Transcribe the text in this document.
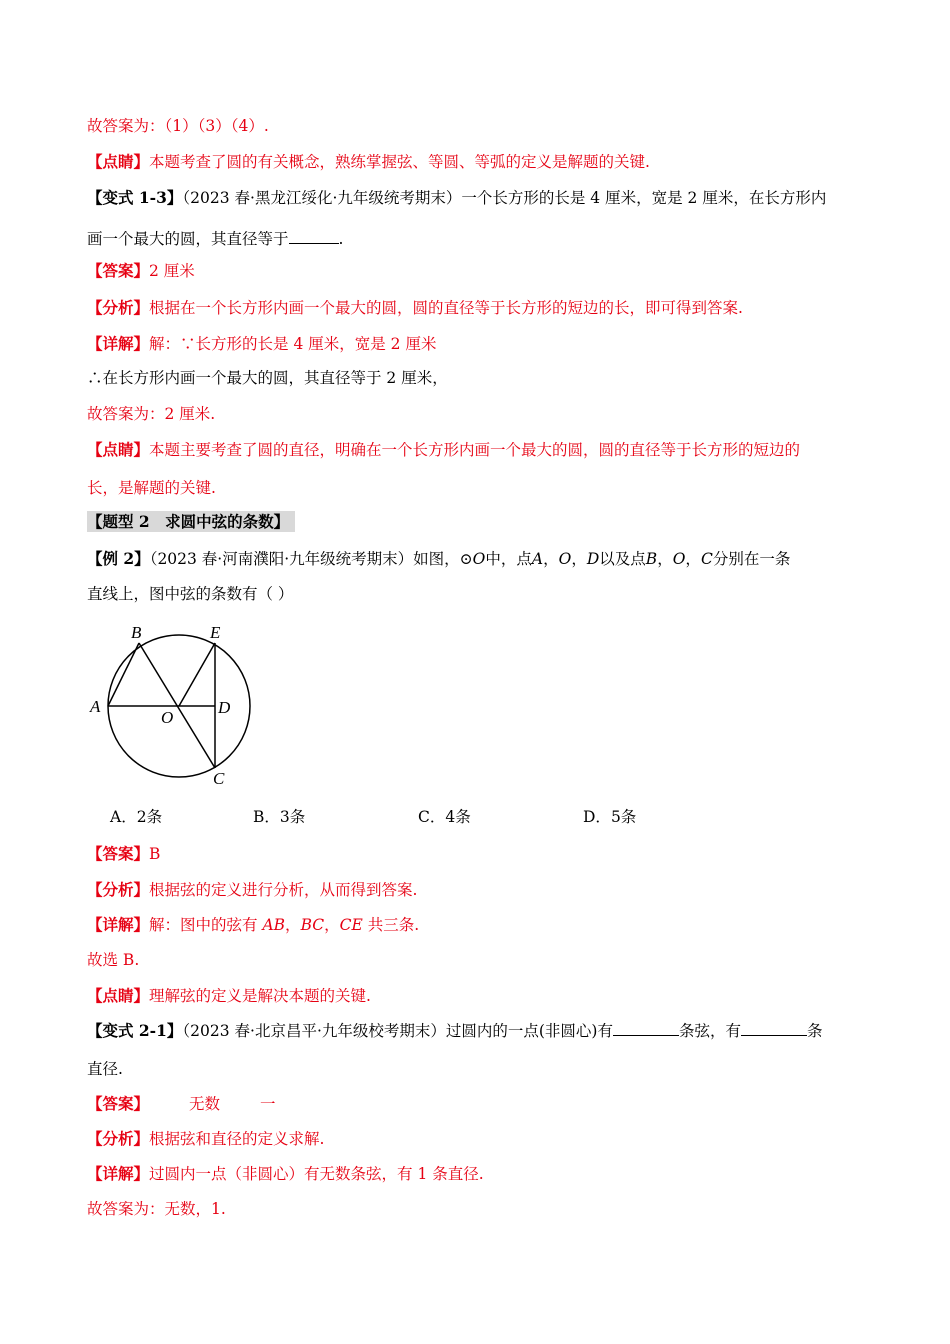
故答案为：（1）（3）（4）.
【点睛】本题考查了圆的有关概念，熟练掌握弦、等圆、等弧的定义是解题的关键.
【变式 1-3】（2023 春·黑龙江绥化·九年级统考期末）一个长方形的长是 4 厘米，宽是 2 厘米，在长方形内
画一个最大的圆，其直径等于	.
【答案】2 厘米
【分析】根据在一个长方形内画一个最大的圆，圆的直径等于长方形的短边的长，即可得到答案.
【详解】解：∵长方形的长是 4 厘米，宽是 2 厘米
∴在长方形内画一个最大的圆，其直径等于 2 厘米，
故答案为：2 厘米.
【点睛】本题主要考查了圆的直径，明确在一个长方形内画一个最大的圆，圆的直径等于长方形的短边的
长，是解题的关键.
【题型 2　求圆中弦的条数】
【例 2】（2023 春·河南濮阳·九年级统考期末）如图，⊙O中，点A，O，D以及点B，O，C分别在一条
直线上，图中弦的条数有（ ）
B	E
A
O
D
C
A．2条	B．3条	C．4条	D．5条
【答案】B
【分析】根据弦的定义进行分析，从而得到答案.
【详解】解：图中的弦有 AB，BC，CE 共三条.
故选 B.
【点睛】理解弦的定义是解决本题的关键.
【变式 2-1】（2023 春·北京昌平·九年级校考期末）过圆内的一点(非圆心)有	条弦，有	条
直径.
【答案】	无数	一
【分析】根据弦和直径的定义求解.
【详解】过圆内一点（非圆心）有无数条弦，有 1 条直径.
故答案为：无数，1.
